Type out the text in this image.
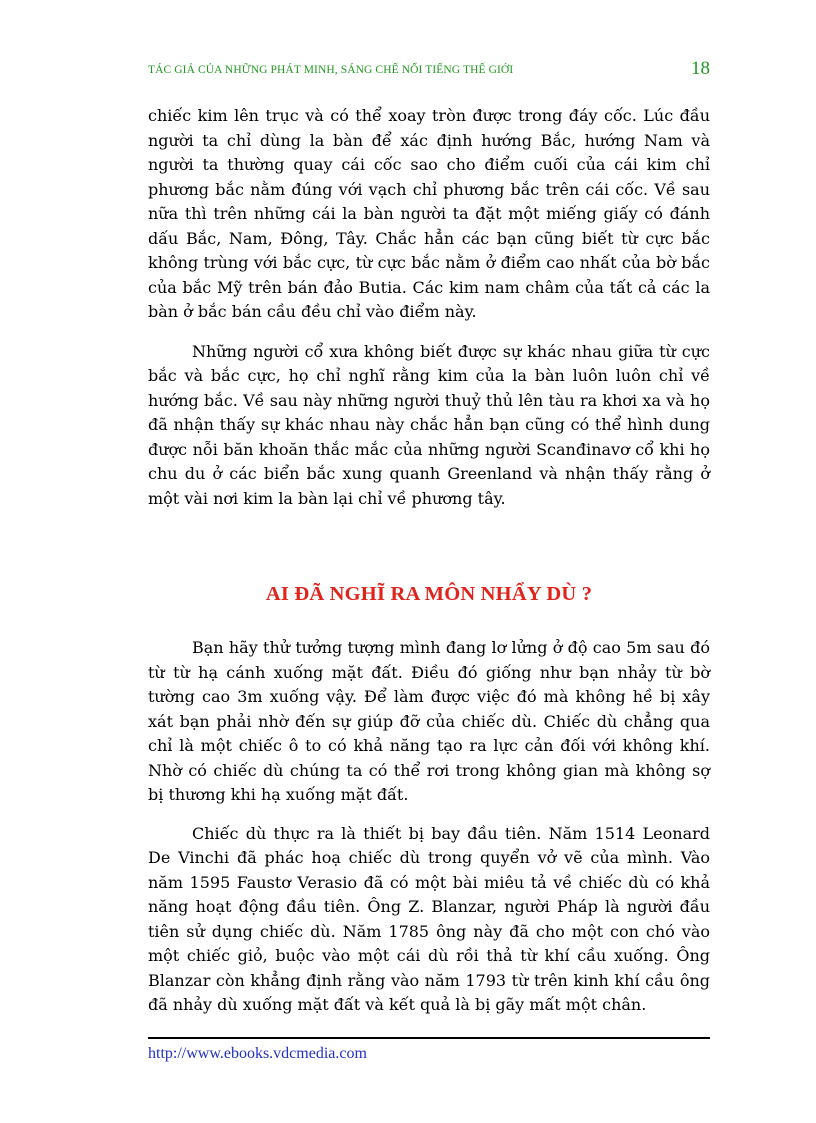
TÁC GIẢ CỦA NHỮNG PHÁT MINH, SÁNG CHẾ NỔI TIẾNG THẾ GIỚI	18

chiếc kim lên trục và có thể xoay tròn được trong đáy cốc. Lúc đầu người ta chỉ dùng la bàn để xác định hướng Bắc, hướng Nam và người ta thường quay cái cốc sao cho điểm cuối của cái kim chỉ phương bắc nằm đúng với vạch chỉ phương bắc trên cái cốc. Về sau nữa thì trên những cái la bàn người ta đặt một miếng giấy có đánh dấu Bắc, Nam, Đông, Tây. Chắc hẳn các bạn cũng biết từ cực bắc không trùng với bắc cực, từ cực bắc nằm ở điểm cao nhất của bờ bắc của bắc Mỹ trên bán đảo Butia. Các kim nam châm của tất cả các la bàn ở bắc bán cầu đều chỉ vào điểm này.

Những người cổ xưa không biết được sự khác nhau giữa từ cực bắc và bắc cực, họ chỉ nghĩ rằng kim của la bàn luôn luôn chỉ về hướng bắc. Về sau này những người thuỷ thủ lên tàu ra khơi xa và họ đã nhận thấy sự khác nhau này chắc hẳn bạn cũng có thể hình dung được nỗi băn khoăn thắc mắc của những người Scanđinavơ cổ khi họ chu du ở các biển bắc xung quanh Greenland và nhận thấy rằng ở một vài nơi kim la bàn lại chỉ về phương tây.

AI ĐÃ NGHĨ RA MÔN NHẨY DÙ ?

Bạn hãy thử tưởng tượng mình đang lơ lửng ở độ cao 5m sau đó từ từ hạ cánh xuống mặt đất. Điều đó giống như bạn nhảy từ bờ tường cao 3m xuống vậy. Để làm được việc đó mà không hề bị xây xát bạn phải nhờ đến sự giúp đỡ của chiếc dù. Chiếc dù chẳng qua chỉ là một chiếc ô to có khả năng tạo ra lực cản đối với không khí. Nhờ có chiếc dù chúng ta có thể rơi trong không gian mà không sợ bị thương khi hạ xuống mặt đất.

Chiếc dù thực ra là thiết bị bay đầu tiên. Năm 1514 Leonard De Vinchi đã phác hoạ chiếc dù trong quyển vở vẽ của mình. Vào năm 1595 Faustơ Verasio đã có một bài miêu tả về chiếc dù có khả năng hoạt động đầu tiên. Ông Z. Blanzar, người Pháp là người đầu tiên sử dụng chiếc dù. Năm 1785 ông này đã cho một con chó vào một chiếc giỏ, buộc vào một cái dù rồi thả từ khí cầu xuống. Ông Blanzar còn khẳng định rằng vào năm 1793 từ trên kinh khí cầu ông đã nhảy dù xuống mặt đất và kết quả là bị gãy mất một chân.

http://www.ebooks.vdcmedia.com
